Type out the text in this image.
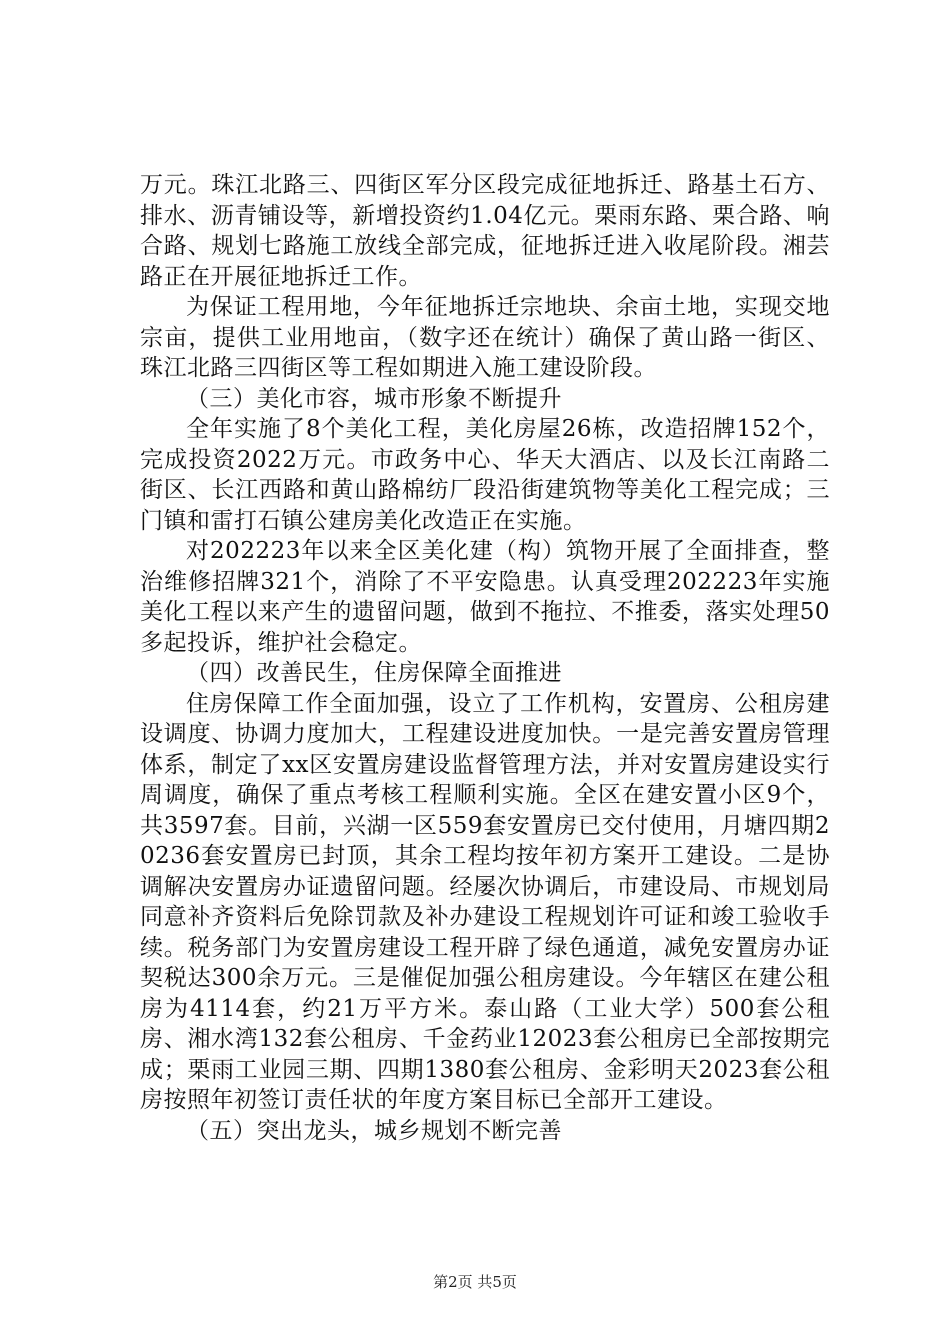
万元。珠江北路三、四街区军分区段完成征地拆迁、路基土石方、排水、沥青铺设等，新增投资约1.04亿元。栗雨东路、栗合路、响合路、规划七路施工放线全部完成，征地拆迁进入收尾阶段。湘芸路正在开展征地拆迁工作。

为保证工程用地，今年征地拆迁宗地块、余亩土地，实现交地宗亩，提供工业用地亩，（数字还在统计）确保了黄山路一街区、珠江北路三四街区等工程如期进入施工建设阶段。

（三）美化市容，城市形象不断提升

全年实施了8个美化工程，美化房屋26栋，改造招牌152个，完成投资2022万元。市政务中心、华天大酒店、以及长江南路二街区、长江西路和黄山路棉纺厂段沿街建筑物等美化工程完成；三门镇和雷打石镇公建房美化改造正在实施。

对202223年以来全区美化建（构）筑物开展了全面排查，整治维修招牌321个，消除了不平安隐患。认真受理202223年实施美化工程以来产生的遗留问题，做到不拖拉、不推委，落实处理50多起投诉，维护社会稳定。

（四）改善民生，住房保障全面推进

住房保障工作全面加强，设立了工作机构，安置房、公租房建设调度、协调力度加大，工程建设进度加快。一是完善安置房管理体系，制定了xx区安置房建设监督管理方法，并对安置房建设实行周调度，确保了重点考核工程顺利实施。全区在建安置小区9个，共3597套。目前，兴湖一区559套安置房已交付使用，月塘四期20236套安置房已封顶，其余工程均按年初方案开工建设。二是协调解决安置房办证遗留问题。经屡次协调后，市建设局、市规划局同意补齐资料后免除罚款及补办建设工程规划许可证和竣工验收手续。税务部门为安置房建设工程开辟了绿色通道，减免安置房办证契税达300余万元。三是催促加强公租房建设。今年辖区在建公租房为4114套，约21万平方米。泰山路（工业大学）500套公租房、湘水湾132套公租房、千金药业12023套公租房已全部按期完成；栗雨工业园三期、四期1380套公租房、金彩明天2023套公租房按照年初签订责任状的年度方案目标已全部开工建设。

（五）突出龙头，城乡规划不断完善

第2页 共5页
